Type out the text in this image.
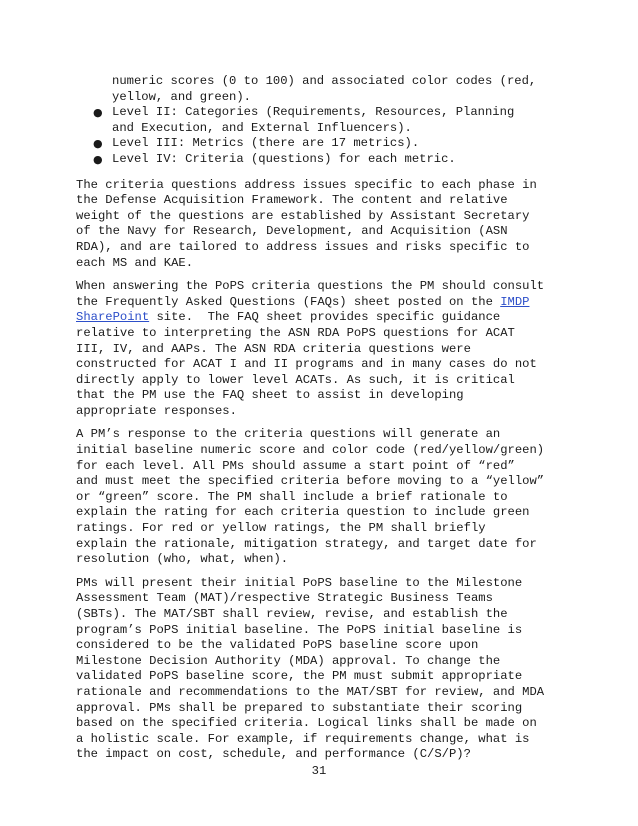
numeric scores (0 to 100) and associated color codes (red,
yellow, and green).
● Level II: Categories (Requirements, Resources, Planning
and Execution, and External Influencers).
● Level III: Metrics (there are 17 metrics).
● Level IV: Criteria (questions) for each metric.

The criteria questions address issues specific to each phase in
the Defense Acquisition Framework. The content and relative
weight of the questions are established by Assistant Secretary
of the Navy for Research, Development, and Acquisition (ASN
RDA), and are tailored to address issues and risks specific to
each MS and KAE.

When answering the PoPS criteria questions the PM should consult
the Frequently Asked Questions (FAQs) sheet posted on the IMDP
SharePoint site.  The FAQ sheet provides specific guidance
relative to interpreting the ASN RDA PoPS questions for ACAT
III, IV, and AAPs. The ASN RDA criteria questions were
constructed for ACAT I and II programs and in many cases do not
directly apply to lower level ACATs. As such, it is critical
that the PM use the FAQ sheet to assist in developing
appropriate responses.

A PM’s response to the criteria questions will generate an
initial baseline numeric score and color code (red/yellow/green)
for each level. All PMs should assume a start point of “red”
and must meet the specified criteria before moving to a “yellow”
or “green” score. The PM shall include a brief rationale to
explain the rating for each criteria question to include green
ratings. For red or yellow ratings, the PM shall briefly
explain the rationale, mitigation strategy, and target date for
resolution (who, what, when).

PMs will present their initial PoPS baseline to the Milestone
Assessment Team (MAT)/respective Strategic Business Teams
(SBTs). The MAT/SBT shall review, revise, and establish the
program’s PoPS initial baseline. The PoPS initial baseline is
considered to be the validated PoPS baseline score upon
Milestone Decision Authority (MDA) approval. To change the
validated PoPS baseline score, the PM must submit appropriate
rationale and recommendations to the MAT/SBT for review, and MDA
approval. PMs shall be prepared to substantiate their scoring
based on the specified criteria. Logical links shall be made on
a holistic scale. For example, if requirements change, what is
the impact on cost, schedule, and performance (C/S/P)?

31
